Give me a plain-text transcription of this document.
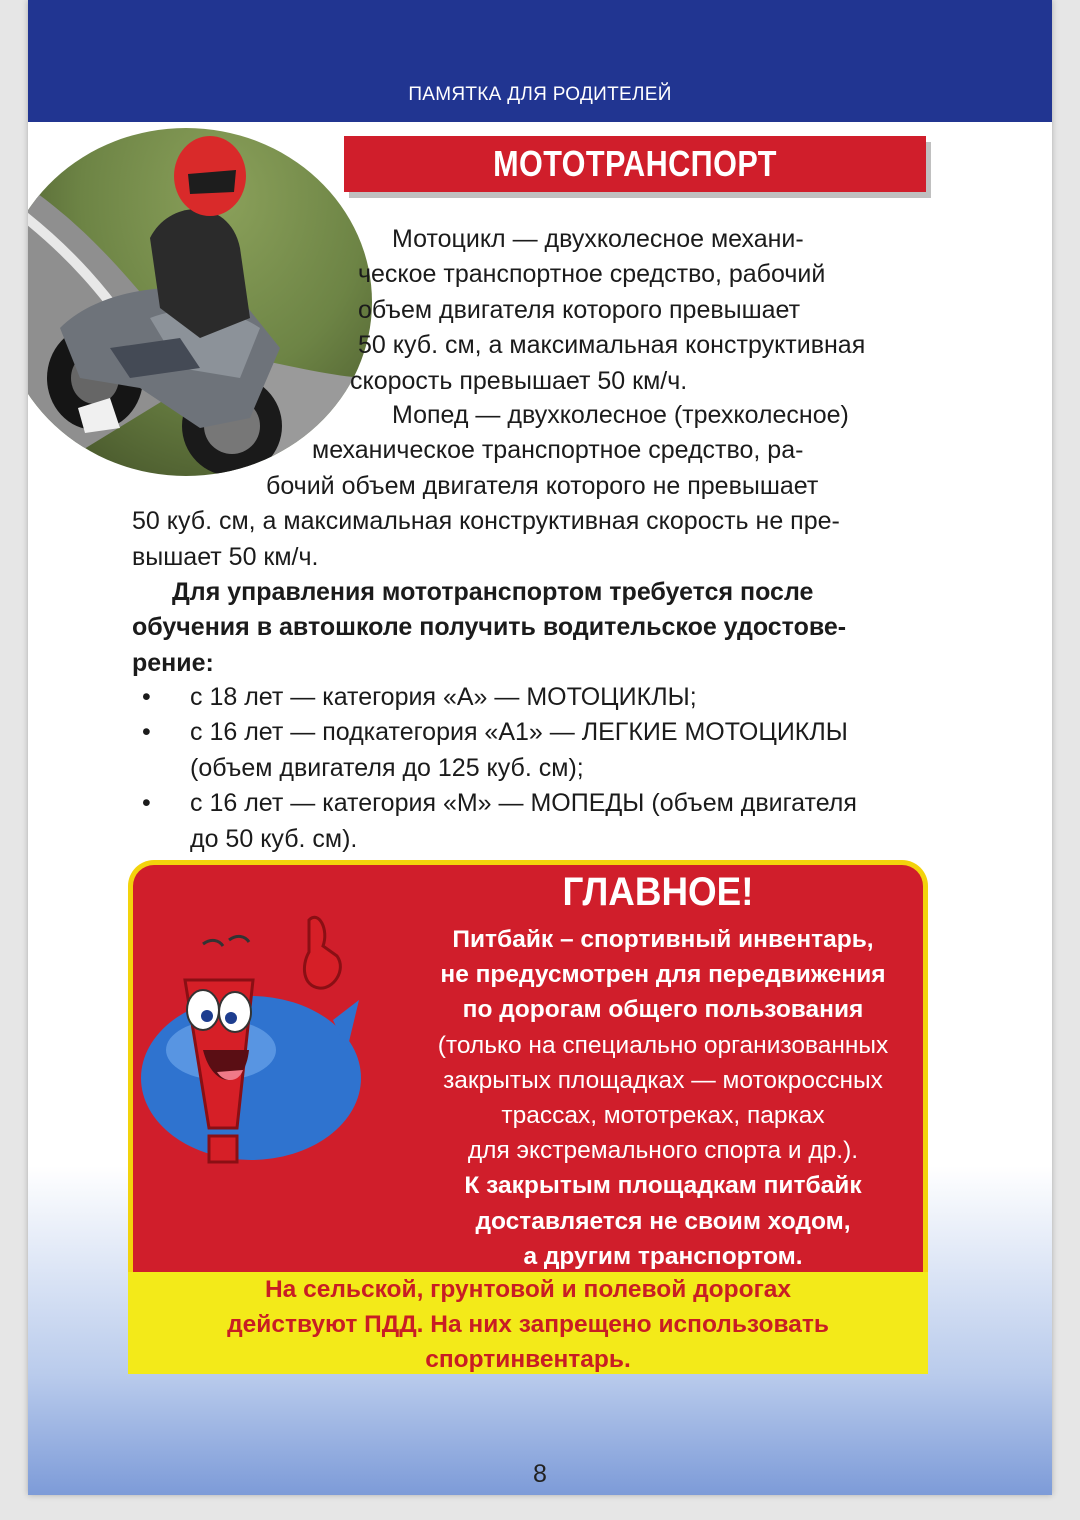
ПАМЯТКА ДЛЯ РОДИТЕЛЕЙ
МОТОТРАНСПОРТ

Мотоцикл — двухколесное механи-

ческое транспортное средство, рабочий

объем двигателя которого превышает

50 куб. см, а максимальная конструктивная

скорость превышает 50 км/ч.

Мопед — двухколесное (трехколесное)

механическое транспортное средство, ра-

бочий объем двигателя которого не превышает

50 куб. см, а максимальная конструктивная скорость не пре-

вышает 50 км/ч.

Для управления мототранспортом требуется после

обучения в автошколе получить водительское удостове-

рение:

• с 18 лет — категория «А» — МОТОЦИКЛЫ;
• с 16 лет — подкатегория «А1» — ЛЕГКИЕ МОТОЦИКЛЫ
(объем двигателя до 125 куб. см);
• с 16 лет — категория «М» — МОПЕДЫ (объем двигателя
до 50 куб. см).
ГЛАВНОЕ!
Питбайк – спортивный инвентарь,
не предусмотрен для передвижения
по дорогам общего пользования
(только на специально организованных
закрытых площадках — мотокроссных
трассах, мототреках, парках
для экстремального спорта и др.).
К закрытым площадкам питбайк
доставляется не своим ходом,
а другим транспортом.
На сельской, грунтовой и полевой дорогах
действуют ПДД. На них запрещено использовать
спортинвентарь.
8
